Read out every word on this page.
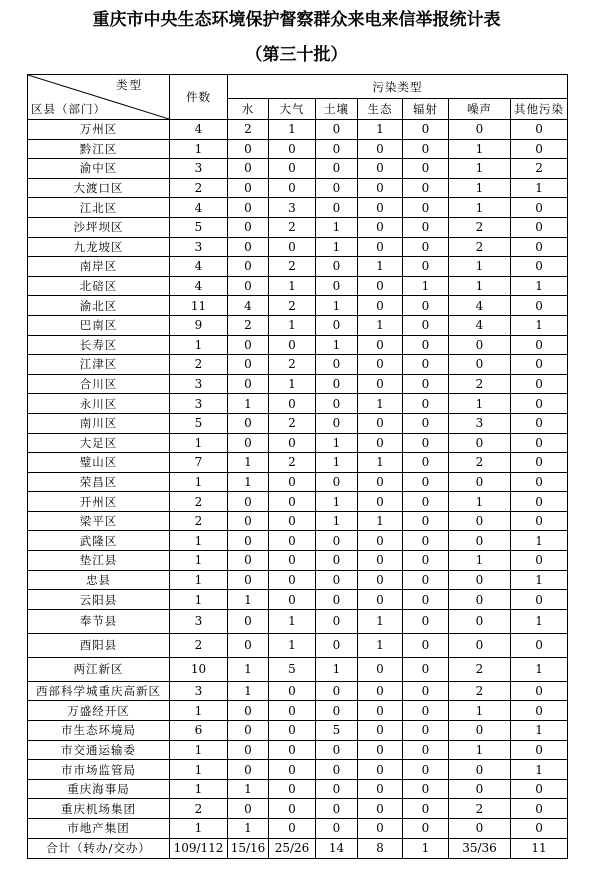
重庆市中央生态环境保护督察群众来电来信举报统计表
（第三十批）
类型
区县（部门）	件数	污染类型						
		水	大气	土壤	生态	辐射	噪声	其他污染
万州区	4	2	1	0	1	0	0	0
黔江区	1	0	0	0	0	0	1	0
渝中区	3	0	0	0	0	0	1	2
大渡口区	2	0	0	0	0	0	1	1
江北区	4	0	3	0	0	0	1	0
沙坪坝区	5	0	2	1	0	0	2	0
九龙坡区	3	0	0	1	0	0	2	0
南岸区	4	0	2	0	1	0	1	0
北碚区	4	0	1	0	0	1	1	1
渝北区	11	4	2	1	0	0	4	0
巴南区	9	2	1	0	1	0	4	1
长寿区	1	0	0	1	0	0	0	0
江津区	2	0	2	0	0	0	0	0
合川区	3	0	1	0	0	0	2	0
永川区	3	1	0	0	1	0	1	0
南川区	5	0	2	0	0	0	3	0
大足区	1	0	0	1	0	0	0	0
璧山区	7	1	2	1	1	0	2	0
荣昌区	1	1	0	0	0	0	0	0
开州区	2	0	0	1	0	0	1	0
梁平区	2	0	0	1	1	0	0	0
武隆区	1	0	0	0	0	0	0	1
垫江县	1	0	0	0	0	0	1	0
忠县	1	0	0	0	0	0	0	1
云阳县	1	1	0	0	0	0	0	0
奉节县	3	0	1	0	1	0	0	1
酉阳县	2	0	1	0	1	0	0	0
两江新区	10	1	5	1	0	0	2	1
西部科学城重庆高新区	3	1	0	0	0	0	2	0
万盛经开区	1	0	0	0	0	0	1	0
市生态环境局	6	0	0	5	0	0	0	1
市交通运输委	1	0	0	0	0	0	1	0
市市场监管局	1	0	0	0	0	0	0	1
重庆海事局	1	1	0	0	0	0	0	0
重庆机场集团	2	0	0	0	0	0	2	0
市地产集团	1	1	0	0	0	0	0	0
合计（转办/交办）	109/112	15/16	25/26	14	8	1	35/36	11
